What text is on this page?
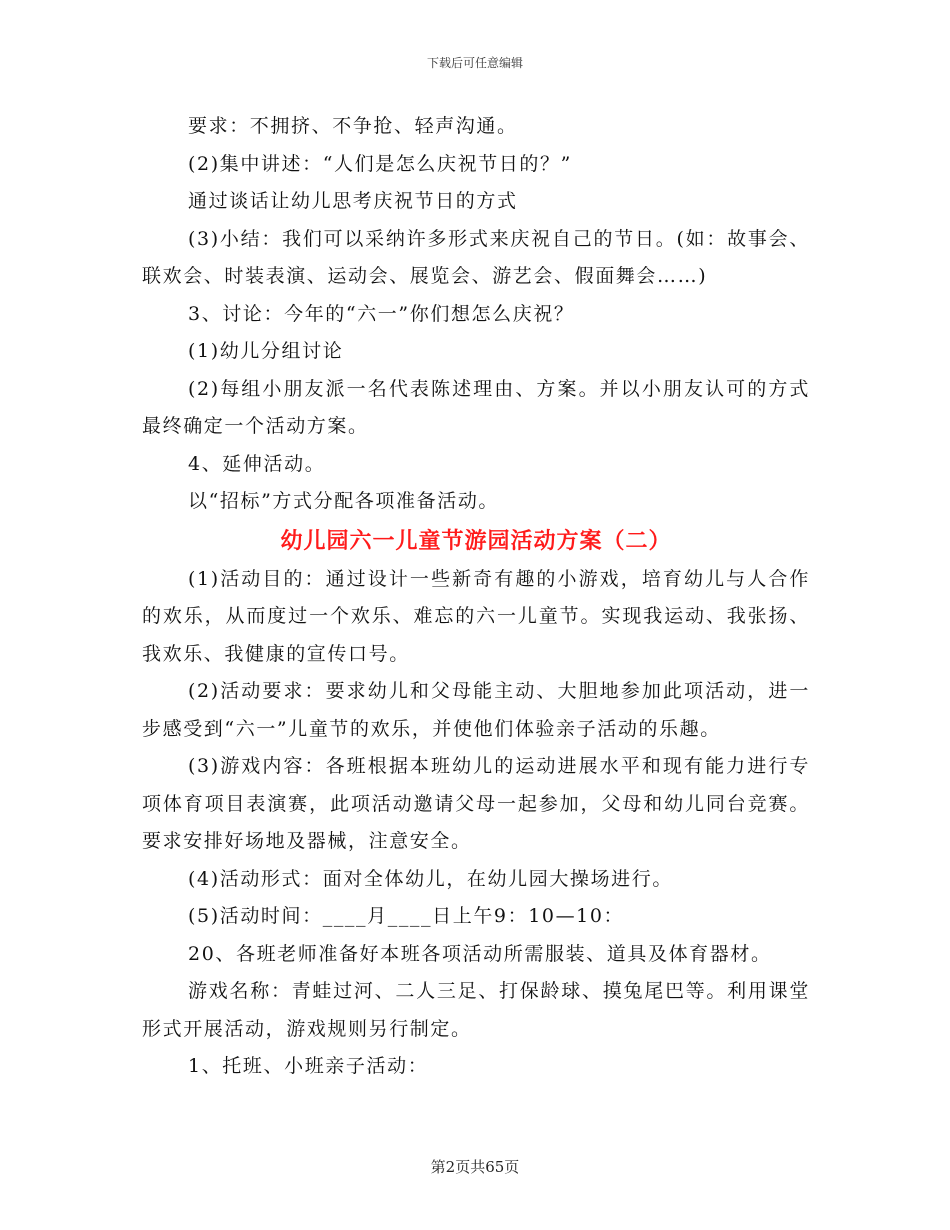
下载后可任意编辑

要求：不拥挤、不争抢、轻声沟通。

(2)集中讲述：“人们是怎么庆祝节日的？”

通过谈话让幼儿思考庆祝节日的方式

(3)小结：我们可以采纳许多形式来庆祝自己的节日。(如：故事会、联欢会、时装表演、运动会、展览会、游艺会、假面舞会……)

3、讨论：今年的“六一”你们想怎么庆祝？

(1)幼儿分组讨论

(2)每组小朋友派一名代表陈述理由、方案。并以小朋友认可的方式最终确定一个活动方案。

4、延伸活动。

以“招标”方式分配各项准备活动。

幼儿园六一儿童节游园活动方案（二）

(1)活动目的：通过设计一些新奇有趣的小游戏，培育幼儿与人合作的欢乐，从而度过一个欢乐、难忘的六一儿童节。实现我运动、我张扬、我欢乐、我健康的宣传口号。

(2)活动要求：要求幼儿和父母能主动、大胆地参加此项活动，进一步感受到“六一”儿童节的欢乐，并使他们体验亲子活动的乐趣。

(3)游戏内容：各班根据本班幼儿的运动进展水平和现有能力进行专项体育项目表演赛，此项活动邀请父母一起参加，父母和幼儿同台竞赛。要求安排好场地及器械，注意安全。

(4)活动形式：面对全体幼儿，在幼儿园大操场进行。

(5)活动时间：____月____日上午9：10—10：

20、各班老师准备好本班各项活动所需服装、道具及体育器材。

游戏名称：青蛙过河、二人三足、打保龄球、摸兔尾巴等。利用课堂形式开展活动，游戏规则另行制定。

1、托班、小班亲子活动：

第2页共65页
